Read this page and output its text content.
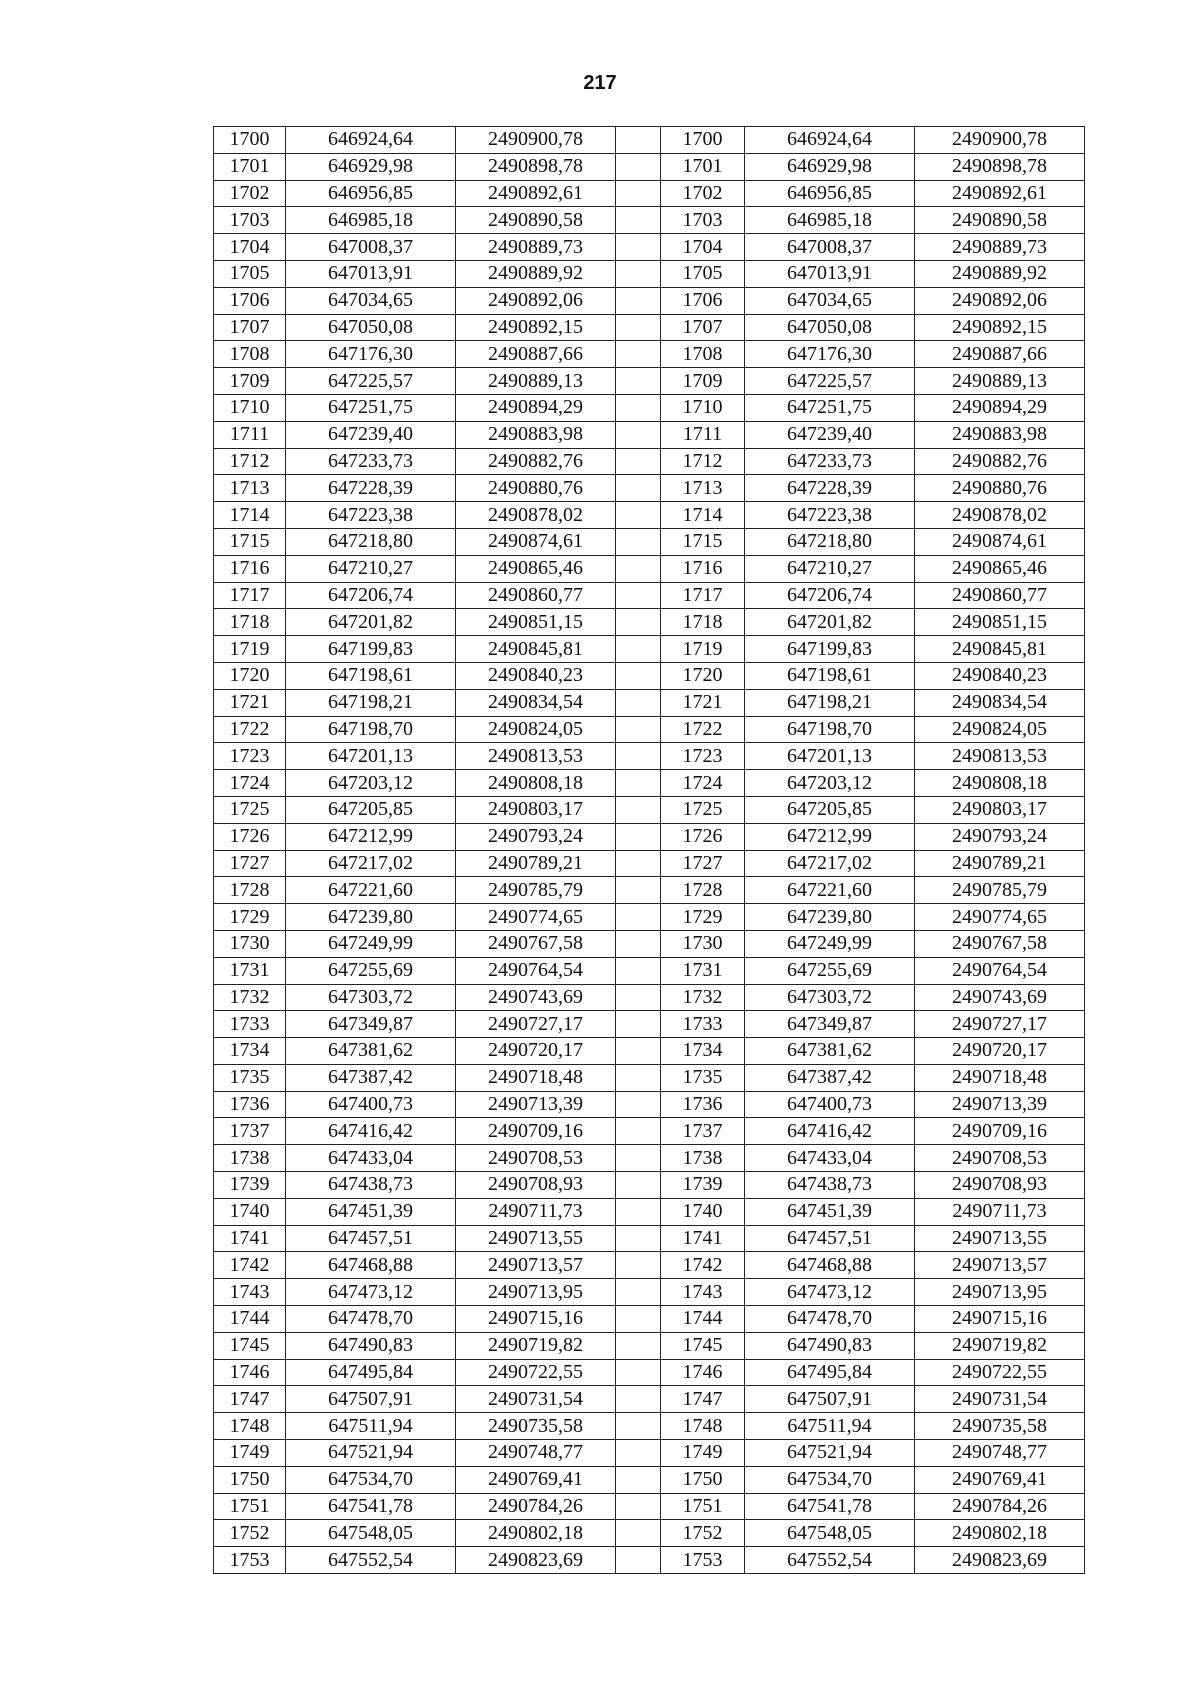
217
1700	646924,64	2490900,78		1700	646924,64	2490900,78
1701	646929,98	2490898,78		1701	646929,98	2490898,78
1702	646956,85	2490892,61		1702	646956,85	2490892,61
1703	646985,18	2490890,58		1703	646985,18	2490890,58
1704	647008,37	2490889,73		1704	647008,37	2490889,73
1705	647013,91	2490889,92		1705	647013,91	2490889,92
1706	647034,65	2490892,06		1706	647034,65	2490892,06
1707	647050,08	2490892,15		1707	647050,08	2490892,15
1708	647176,30	2490887,66		1708	647176,30	2490887,66
1709	647225,57	2490889,13		1709	647225,57	2490889,13
1710	647251,75	2490894,29		1710	647251,75	2490894,29
1711	647239,40	2490883,98		1711	647239,40	2490883,98
1712	647233,73	2490882,76		1712	647233,73	2490882,76
1713	647228,39	2490880,76		1713	647228,39	2490880,76
1714	647223,38	2490878,02		1714	647223,38	2490878,02
1715	647218,80	2490874,61		1715	647218,80	2490874,61
1716	647210,27	2490865,46		1716	647210,27	2490865,46
1717	647206,74	2490860,77		1717	647206,74	2490860,77
1718	647201,82	2490851,15		1718	647201,82	2490851,15
1719	647199,83	2490845,81		1719	647199,83	2490845,81
1720	647198,61	2490840,23		1720	647198,61	2490840,23
1721	647198,21	2490834,54		1721	647198,21	2490834,54
1722	647198,70	2490824,05		1722	647198,70	2490824,05
1723	647201,13	2490813,53		1723	647201,13	2490813,53
1724	647203,12	2490808,18		1724	647203,12	2490808,18
1725	647205,85	2490803,17		1725	647205,85	2490803,17
1726	647212,99	2490793,24		1726	647212,99	2490793,24
1727	647217,02	2490789,21		1727	647217,02	2490789,21
1728	647221,60	2490785,79		1728	647221,60	2490785,79
1729	647239,80	2490774,65		1729	647239,80	2490774,65
1730	647249,99	2490767,58		1730	647249,99	2490767,58
1731	647255,69	2490764,54		1731	647255,69	2490764,54
1732	647303,72	2490743,69		1732	647303,72	2490743,69
1733	647349,87	2490727,17		1733	647349,87	2490727,17
1734	647381,62	2490720,17		1734	647381,62	2490720,17
1735	647387,42	2490718,48		1735	647387,42	2490718,48
1736	647400,73	2490713,39		1736	647400,73	2490713,39
1737	647416,42	2490709,16		1737	647416,42	2490709,16
1738	647433,04	2490708,53		1738	647433,04	2490708,53
1739	647438,73	2490708,93		1739	647438,73	2490708,93
1740	647451,39	2490711,73		1740	647451,39	2490711,73
1741	647457,51	2490713,55		1741	647457,51	2490713,55
1742	647468,88	2490713,57		1742	647468,88	2490713,57
1743	647473,12	2490713,95		1743	647473,12	2490713,95
1744	647478,70	2490715,16		1744	647478,70	2490715,16
1745	647490,83	2490719,82		1745	647490,83	2490719,82
1746	647495,84	2490722,55		1746	647495,84	2490722,55
1747	647507,91	2490731,54		1747	647507,91	2490731,54
1748	647511,94	2490735,58		1748	647511,94	2490735,58
1749	647521,94	2490748,77		1749	647521,94	2490748,77
1750	647534,70	2490769,41		1750	647534,70	2490769,41
1751	647541,78	2490784,26		1751	647541,78	2490784,26
1752	647548,05	2490802,18		1752	647548,05	2490802,18
1753	647552,54	2490823,69		1753	647552,54	2490823,69
